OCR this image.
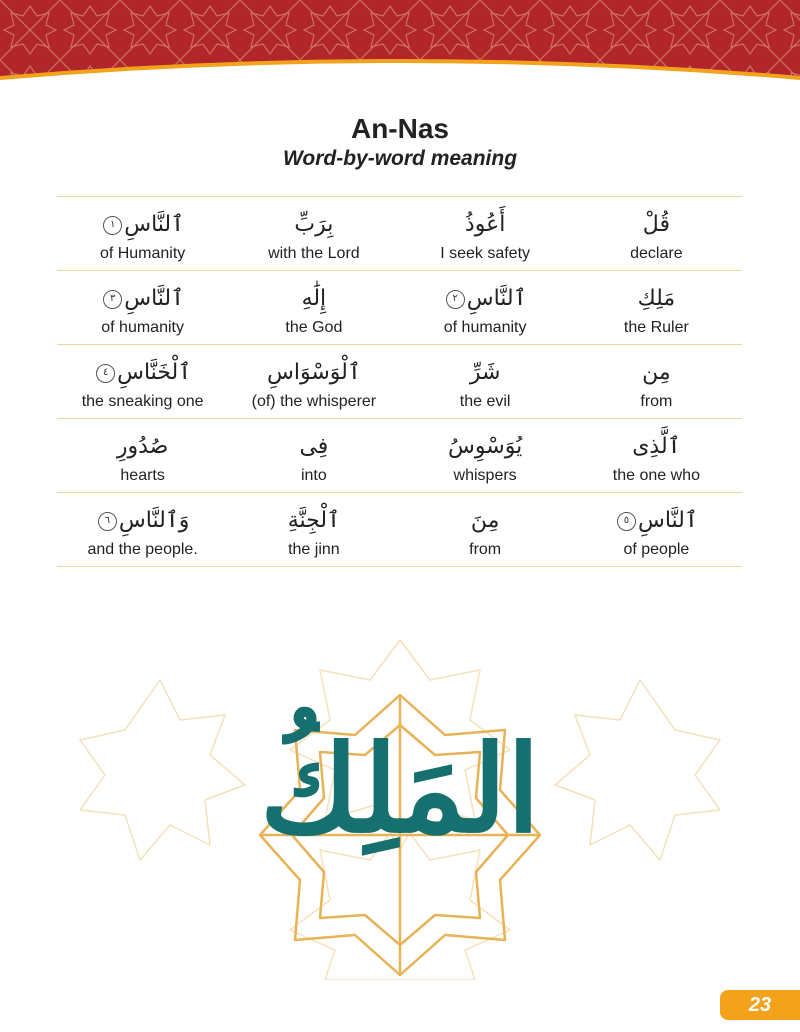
An-Nas
Word-by-word meaning
قُلْ
declare
أَعُوذُ
I seek safety
بِرَبِّ
with the Lord
ٱلنَّاسِ
١
of Humanity
مَلِكِ
the Ruler
ٱلنَّاسِ
٢
of humanity
إِلَٰهِ
the God
ٱلنَّاسِ
٣
of humanity
مِن
from
شَرِّ
the evil
ٱلْوَسْوَاسِ
(of) the whisperer
ٱلْخَنَّاسِ
٤
the sneaking one
ٱلَّذِى
the one who
يُوَسْوِسُ
whispers
فِى
into
صُدُورِ
hearts
ٱلنَّاسِ
٥
of people
مِنَ
from
ٱلْجِنَّةِ
the jinn
وَٱلنَّاسِ
٦
and the people.
المَلِكُ
23
